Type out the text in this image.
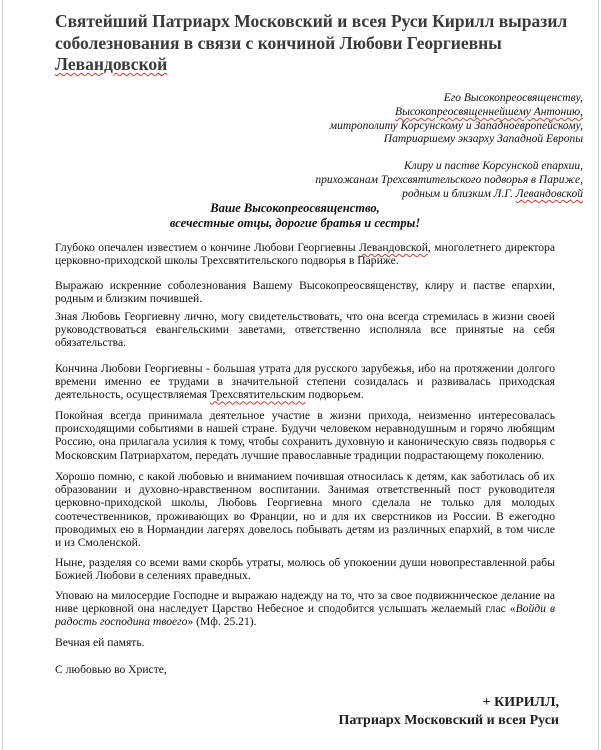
Святейший Патриарх Московский и всея Руси Кирилл выразил соболезнования в связи с кончиной Любови Георгиевны Левандовской
Его Высокопреосвященству,
Высокопреосвященнейшему Антонию,
митрополиту Корсунскому и Западноевропейскому,
Патриаршему экзарху Западной Европы
Клиру и пастве Корсунской епархии,
прихожанам Трехсвятительского подворья в Париже,
родным и близким Л.Г. Левандовской
Ваше Высокопреосвященство,
всечестные отцы, дорогие братья и сестры!

Глубоко опечален известием о кончине Любови Георгиевны Левандовской, многолетнего директора церковно-приходской школы Трехсвятительского подворья в Париже.

Выражаю искренние соболезнования Вашему Высокопреосвященству, клиру и пастве епархии, родным и близким почившей.

Зная Любовь Георгиевну лично, могу свидетельствовать, что она всегда стремилась в жизни своей руководствоваться евангельскими заветами, ответственно исполняла все принятые на себя обязательства.

Кончина Любови Георгиевны - большая утрата для русского зарубежья, ибо на протяжении долгого времени именно ее трудами в значительной степени созидалась и развивалась приходская деятельность, осуществляемая Трехсвятительским подворьем.

Покойная всегда принимала деятельное участие в жизни прихода, неизменно интересовалась происходящими событиями в нашей стране. Будучи человеком неравнодушным и горячо любящим Россию, она прилагала усилия к тому, чтобы сохранить духовную и каноническую связь подворья с Московским Патриархатом, передать лучшие православные традиции подрастающему поколению.

Хорошо помню, с какой любовью и вниманием почившая относилась к детям, как заботилась об их образовании и духовно-нравственном воспитании. Занимая ответственный пост руководителя церковно-приходской школы, Любовь Георгиевна много сделала не только для молодых соотечественников, проживающих во Франции, но и для их сверстников из России. В ежегодно проводимых ею в Нормандии лагерях довелось побывать детям из различных епархий, в том числе и из Смоленской.

Ныне, разделяя со всеми вами скорбь утраты, молюсь об упокоении души новопреставленной рабы Божией Любови в селениях праведных.

Уповаю на милосердие Господне и выражаю надежду на то, что за свое подвижническое делание на ниве церковной она наследует Царство Небесное и сподобится услышать желаемый глас «Войди в радость господина твоего» (Мф. 25.21).

Вечная ей память.

С любовью во Христе,

+ КИРИЛЛ,
Патриарх Московский и всея Руси
